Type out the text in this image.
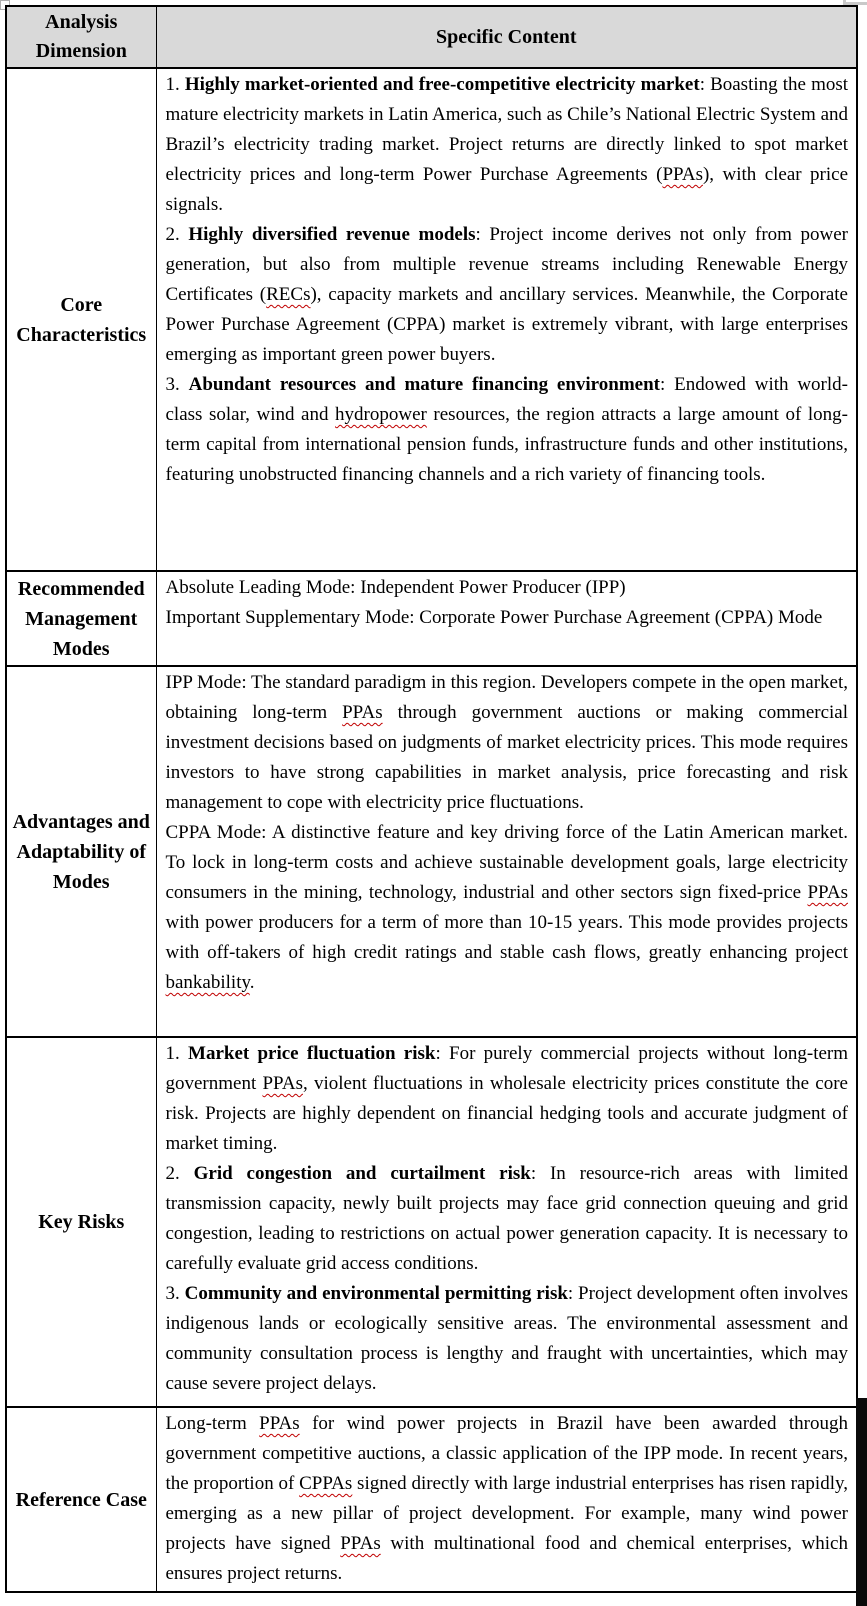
Analysis Dimension	Specific Content

Core Characteristics	1. Highly market-oriented and free-competitive electricity market: Boasting the most mature electricity markets in Latin America, such as Chile’s National Electric System and Brazil’s electricity trading market. Project returns are directly linked to spot market electricity prices and long-term Power Purchase Agreements (PPAs), with clear price signals.

2. Highly diversified revenue models: Project income derives not only from power generation, but also from multiple revenue streams including Renewable Energy Certificates (RECs), capacity markets and ancillary services. Meanwhile, the Corporate Power Purchase Agreement (CPPA) market is extremely vibrant, with large enterprises emerging as important green power buyers.

3. Abundant resources and mature financing environment: Endowed with world-class solar, wind and hydropower resources, the region attracts a large amount of long-term capital from international pension funds, infrastructure funds and other institutions, featuring unobstructed financing channels and a rich variety of financing tools.

Recommended Management Modes	Absolute Leading Mode: Independent Power Producer (IPP)

Important Supplementary Mode: Corporate Power Purchase Agreement (CPPA) Mode

Advantages and Adaptability of Modes	IPP Mode: The standard paradigm in this region. Developers compete in the open market, obtaining long-term PPAs through government auctions or making commercial investment decisions based on judgments of market electricity prices. This mode requires investors to have strong capabilities in market analysis, price forecasting and risk management to cope with electricity price fluctuations.

CPPA Mode: A distinctive feature and key driving force of the Latin American market. To lock in long-term costs and achieve sustainable development goals, large electricity consumers in the mining, technology, industrial and other sectors sign fixed-price PPAs with power producers for a term of more than 10-15 years. This mode provides projects with off-takers of high credit ratings and stable cash flows, greatly enhancing project bankability.

Key Risks	1. Market price fluctuation risk: For purely commercial projects without long-term government PPAs, violent fluctuations in wholesale electricity prices constitute the core risk. Projects are highly dependent on financial hedging tools and accurate judgment of market timing.

2. Grid congestion and curtailment risk: In resource-rich areas with limited transmission capacity, newly built projects may face grid connection queuing and grid congestion, leading to restrictions on actual power generation capacity. It is necessary to carefully evaluate grid access conditions.

3. Community and environmental permitting risk: Project development often involves indigenous lands or ecologically sensitive areas. The environmental assessment and community consultation process is lengthy and fraught with uncertainties, which may cause severe project delays.

Reference Case	Long-term PPAs for wind power projects in Brazil have been awarded through government competitive auctions, a classic application of the IPP mode. In recent years, the proportion of CPPAs signed directly with large industrial enterprises has risen rapidly, emerging as a new pillar of project development. For example, many wind power projects have signed PPAs with multinational food and chemical enterprises, which ensures project returns.
